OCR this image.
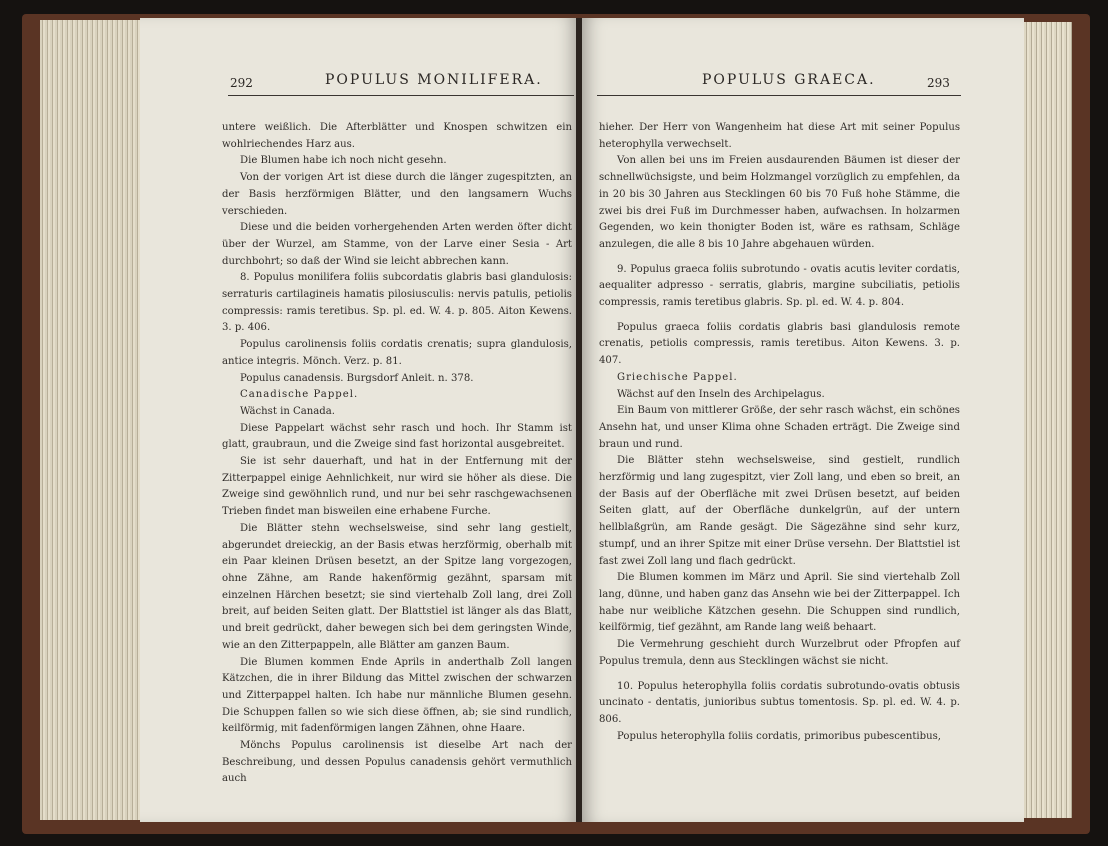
292	POPULUS MONILIFERA.

untere weißlich. Die Afterblätter und Knospen schwitzen ein wohlriechendes Harz aus.

Die Blumen habe ich noch nicht gesehn.

Von der vorigen Art ist diese durch die länger zugespitzten, an der Basis herzförmigen Blätter, und den langsamern Wuchs verschieden.

Diese und die beiden vorhergehenden Arten werden öfter dicht über der Wurzel, am Stamme, von der Larve einer Sesia - Art durchbohrt; so daß der Wind sie leicht abbrechen kann.

8. Populus monilifera foliis subcordatis glabris basi glandulosis: serraturis cartilagineis hamatis pilosiusculis: nervis patulis, petiolis compressis: ramis teretibus. Sp. pl. ed. W. 4. p. 805. Aiton Kewens. 3. p. 406.

Populus carolinensis foliis cordatis crenatis; supra glandulosis, antice integris. Mönch. Verz. p. 81.

Populus canadensis. Burgsdorf Anleit. n. 378.

Canadische Pappel.

Wächst in Canada.

Diese Pappelart wächst sehr rasch und hoch. Ihr Stamm ist glatt, graubraun, und die Zweige sind fast horizontal ausgebreitet.

Sie ist sehr dauerhaft, und hat in der Entfernung mit der Zitterpappel einige Aehnlichkeit, nur wird sie höher als diese. Die Zweige sind gewöhnlich rund, und nur bei sehr raschgewachsenen Trieben findet man bisweilen eine erhabene Furche.

Die Blätter stehn wechselsweise, sind sehr lang gestielt, abgerundet dreieckig, an der Basis etwas herzförmig, oberhalb mit ein Paar kleinen Drüsen besetzt, an der Spitze lang vorgezogen, ohne Zähne, am Rande hakenförmig gezähnt, sparsam mit einzelnen Härchen besetzt; sie sind viertehalb Zoll lang, drei Zoll breit, auf beiden Seiten glatt. Der Blattstiel ist länger als das Blatt, und breit gedrückt, daher bewegen sich bei dem geringsten Winde, wie an den Zitterpappeln, alle Blätter am ganzen Baum.

Die Blumen kommen Ende Aprils in anderthalb Zoll langen Kätzchen, die in ihrer Bildung das Mittel zwischen der schwarzen und Zitterpappel halten. Ich habe nur männliche Blumen gesehn. Die Schuppen fallen so wie sich diese öffnen, ab; sie sind rundlich, keilförmig, mit fadenförmigen langen Zähnen, ohne Haare.

Mönchs Populus carolinensis ist dieselbe Art nach der Beschreibung, und dessen Populus canadensis gehört vermuthlich auch

POPULUS GRAECA.	293

hieher. Der Herr von Wangenheim hat diese Art mit seiner Populus heterophylla verwechselt.

Von allen bei uns im Freien ausdaurenden Bäumen ist dieser der schnellwüchsigste, und beim Holzmangel vorzüglich zu empfehlen, da in 20 bis 30 Jahren aus Stecklingen 60 bis 70 Fuß hohe Stämme, die zwei bis drei Fuß im Durchmesser haben, aufwachsen. In holzarmen Gegenden, wo kein thonigter Boden ist, wäre es rathsam, Schläge anzulegen, die alle 8 bis 10 Jahre abgehauen würden.

9. Populus graeca foliis subrotundo - ovatis acutis leviter cordatis, aequaliter adpresso - serratis, glabris, margine subciliatis, petiolis compressis, ramis teretibus glabris. Sp. pl. ed. W. 4. p. 804.

Populus graeca foliis cordatis glabris basi glandulosis remote crenatis, petiolis compressis, ramis teretibus. Aiton Kewens. 3. p. 407.

Griechische Pappel.

Wächst auf den Inseln des Archipelagus.

Ein Baum von mittlerer Größe, der sehr rasch wächst, ein schönes Ansehn hat, und unser Klima ohne Schaden erträgt. Die Zweige sind braun und rund.

Die Blätter stehn wechselsweise, sind gestielt, rundlich herzförmig und lang zugespitzt, vier Zoll lang, und eben so breit, an der Basis auf der Oberfläche mit zwei Drüsen besetzt, auf beiden Seiten glatt, auf der Oberfläche dunkelgrün, auf der untern hellblaßgrün, am Rande gesägt. Die Sägezähne sind sehr kurz, stumpf, und an ihrer Spitze mit einer Drüse versehn. Der Blattstiel ist fast zwei Zoll lang und flach gedrückt.

Die Blumen kommen im März und April. Sie sind viertehalb Zoll lang, dünne, und haben ganz das Ansehn wie bei der Zitterpappel. Ich habe nur weibliche Kätzchen gesehn. Die Schuppen sind rundlich, keilförmig, tief gezähnt, am Rande lang weiß behaart.

Die Vermehrung geschieht durch Wurzelbrut oder Pfropfen auf Populus tremula, denn aus Stecklingen wächst sie nicht.

10. Populus heterophylla foliis cordatis subrotundo-ovatis obtusis uncinato - dentatis, junioribus subtus tomentosis. Sp. pl. ed. W. 4. p. 806.

Populus heterophylla foliis cordatis, primoribus pubescentibus,
